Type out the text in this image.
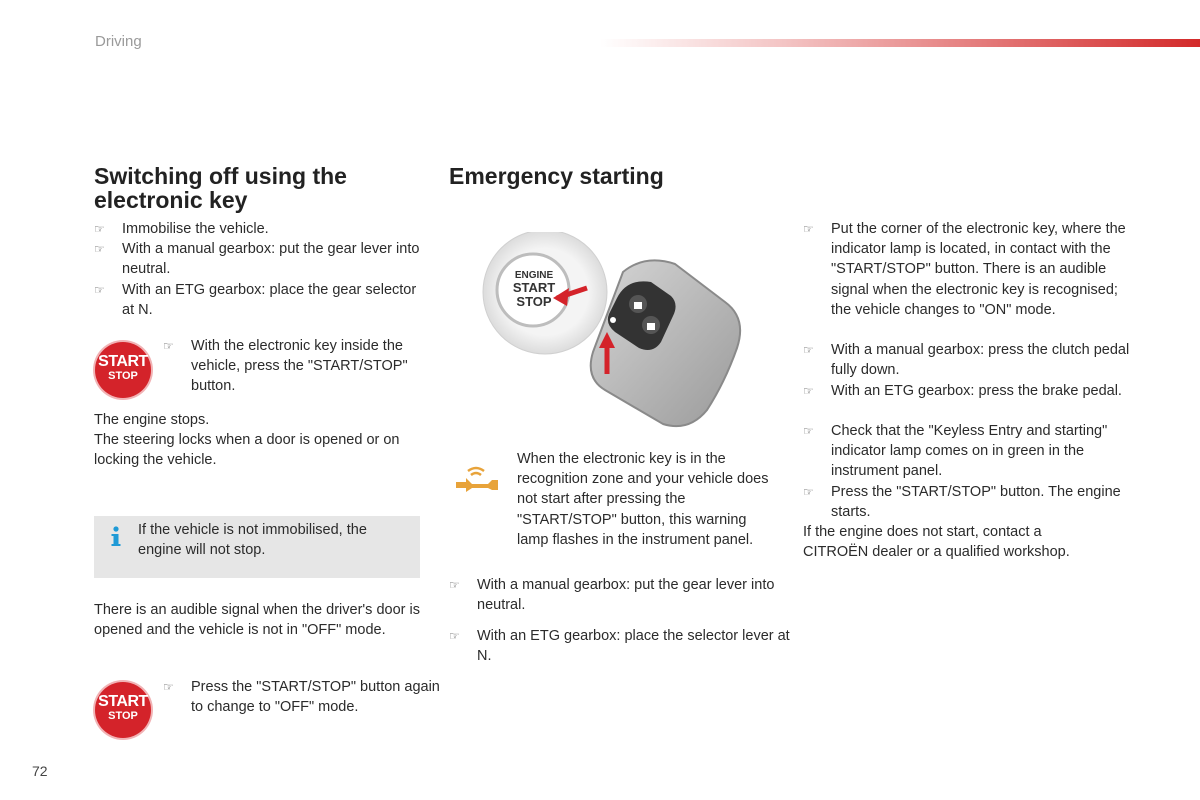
Driving
Switching off using the electronic key
☞ Immobilise the vehicle.
☞ With a manual gearbox: put the gear lever into neutral.
☞ With an ETG gearbox: place the gear selector at N.
START
STOP
☞ With the electronic key inside the vehicle, press the "START/STOP" button.
The engine stops.
The steering locks when a door is opened or on locking the vehicle.
If the vehicle is not immobilised, the engine will not stop.
There is an audible signal when the driver's door is opened and the vehicle is not in "OFF" mode.
START
STOP
☞ Press the "START/STOP" button again to change to "OFF" mode.
72
Emergency starting
ENGINE
START
STOP
When the electronic key is in the recognition zone and your vehicle does not start after pressing the "START/STOP" button, this warning lamp flashes in the instrument panel.
☞ With a manual gearbox: put the gear lever into neutral.
☞ With an ETG gearbox: place the selector lever at N.
☞ Put the corner of the electronic key, where the indicator lamp is located, in contact with the "START/STOP" button. There is an audible signal when the electronic key is recognised; the vehicle changes to "ON" mode.
☞ With a manual gearbox: press the clutch pedal fully down.
☞ With an ETG gearbox: press the brake pedal.
☞ Check that the "Keyless Entry and starting" indicator lamp comes on in green in the instrument panel.
☞ Press the "START/STOP" button. The engine starts.
If the engine does not start, contact a CITROËN dealer or a qualified workshop.
